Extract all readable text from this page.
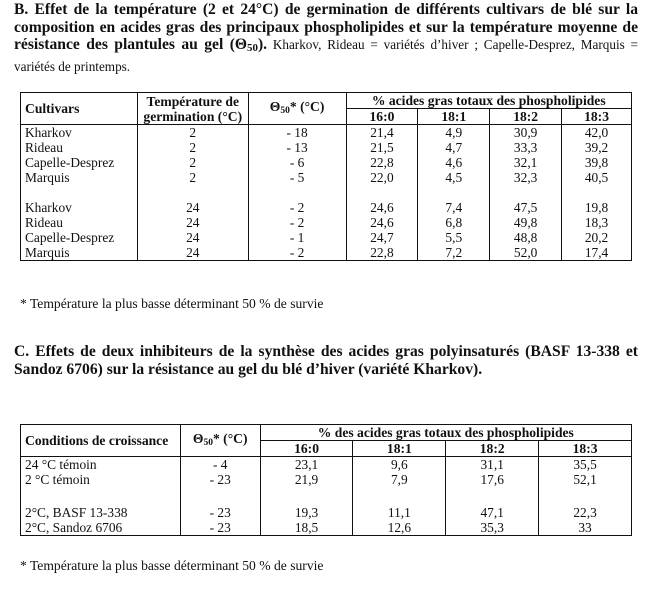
B. Effet de la température (2 et 24°C) de germination de différents cultivars de blé sur la composition en acides gras des principaux phospholipides et sur la température moyenne de résistance des plantules au gel $(\Theta_{50})$. Kharkov, Rideau = variétés d’hiver ; Capelle-Desprez, Marquis = variétés de printemps.

Cultivars	Température de germination (°C)	$\Theta_{50}*$ (°C)	% acides gras totaux des phospholipides			
			16:0	18:1	18:2	18:3
Kharkov	2	- 18	21,4	4,9	30,9	42,0
Rideau	2	- 13	21,5	4,7	33,3	39,2
Capelle-Desprez	2	- 6	22,8	4,6	32,1	39,8
Marquis	2	- 5	22,0	4,5	32,3	40,5

Kharkov	24	- 2	24,6	7,4	47,5	19,8
Rideau	24	- 2	24,6	6,8	49,8	18,3
Capelle-Desprez	24	- 1	24,7	5,5	48,8	20,2
Marquis	24	- 2	22,8	7,2	52,0	17,4
* Température la plus basse déterminant 50 % de survie

C. Effets de deux inhibiteurs de la synthèse des acides gras polyinsaturés (BASF 13-338 et Sandoz 6706) sur la résistance au gel du blé d’hiver (variété Kharkov).

Conditions de croissance	$\Theta_{50}*$ (°C)	% des acides gras totaux des phospholipides			
		16:0	18:1	18:2	18:3
24 °C témoin	- 4	23,1	9,6	31,1	35,5
2 °C témoin	- 23	21,9	7,9	17,6	52,1

2°C, BASF 13-338	- 23	19,3	11,1	47,1	22,3
2°C, Sandoz 6706	- 23	18,5	12,6	35,3	33
* Température la plus basse déterminant 50 % de survie
